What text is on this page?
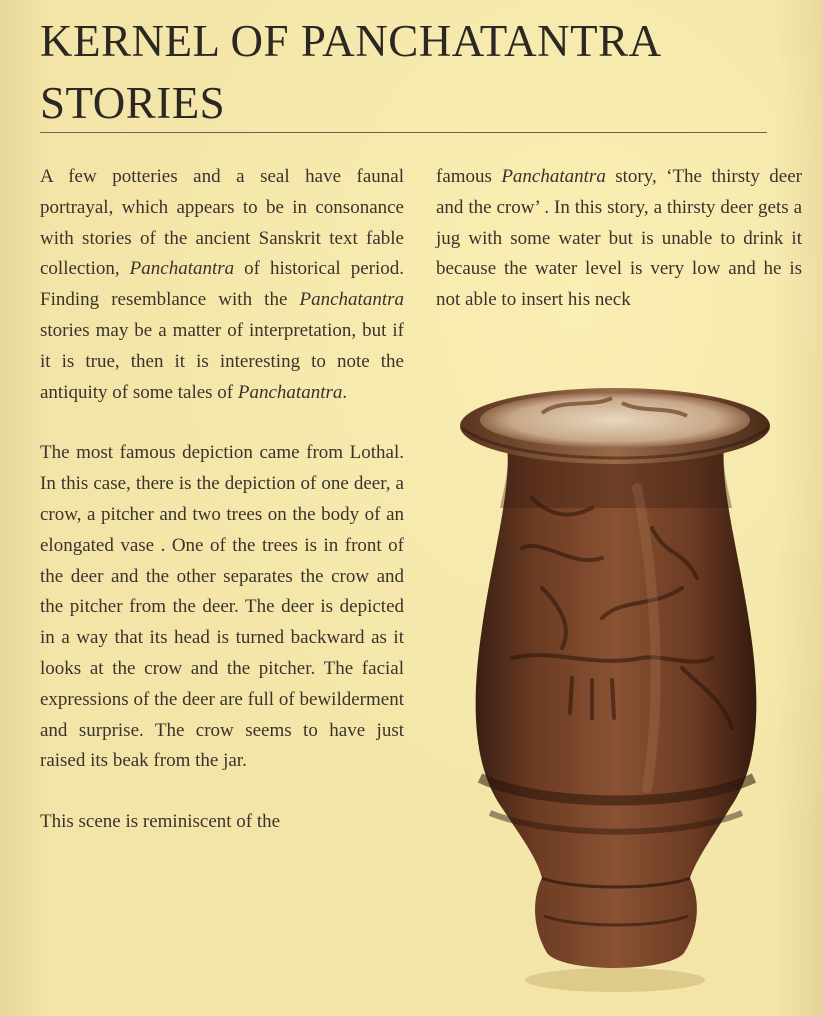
KERNEL OF PANCHATANTRA
STORIES

A few potteries and a seal have faunal portrayal, which appears to be in consonance with stories of the ancient Sanskrit text fable collection, Panchatantra of historical period. Finding resemblance with the Panchatantra stories may be a matter of interpretation, but if it is true, then it is interesting to note the antiquity of some tales of Panchatantra.

The most famous depiction came from Lothal. In this case, there is the depiction of one deer, a crow, a pitcher and two trees on the body of an elongated vase . One of the trees is in front of the deer and the other separates the crow and the pitcher from the deer. The deer is depicted in a way that its head is turned backward as it looks at the crow and the pitcher. The facial expressions of the deer are full of bewilderment and surprise. The crow seems to have just raised its beak from the jar.

This scene is reminiscent of the

famous Panchatantra story, ‘The thirsty deer and the crow’ . In this story, a thirsty deer gets a jug with some water but is unable to drink it because the water level is very low and he is not able to insert his neck
